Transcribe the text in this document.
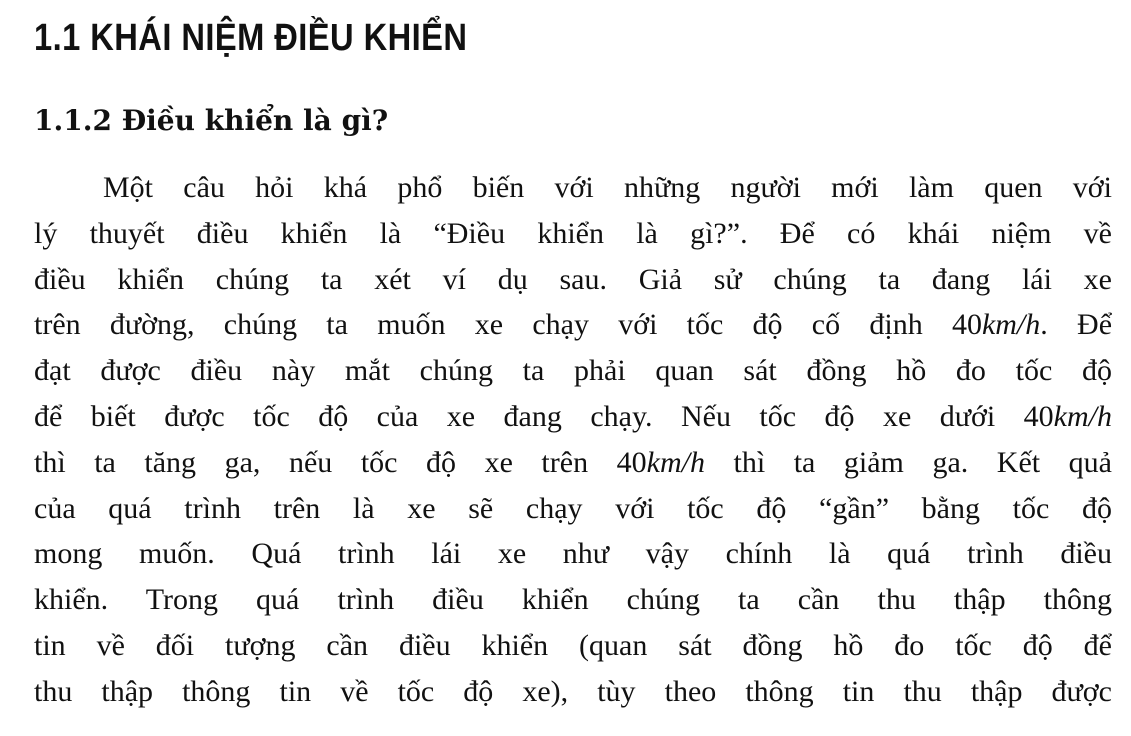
1.1 KHÁI NIỆM ĐIỀU KHIỂN
1.1.2 Điều khiển là gì?
Một câu hỏi khá phổ biến với những người mới làm quen với
lý thuyết điều khiển là “Điều khiển là gì?”. Để có khái niệm về
điều khiển chúng ta xét ví dụ sau. Giả sử chúng ta đang lái xe
trên đường, chúng ta muốn xe chạy với tốc độ cố định 40km/h. Để
đạt được điều này mắt chúng ta phải quan sát đồng hồ đo tốc độ
để biết được tốc độ của xe đang chạy. Nếu tốc độ xe dưới 40km/h
thì ta tăng ga, nếu tốc độ xe trên 40km/h thì ta giảm ga. Kết quả
của quá trình trên là xe sẽ chạy với tốc độ “gần” bằng tốc độ
mong muốn. Quá trình lái xe như vậy chính là quá trình điều
khiển. Trong quá trình điều khiển chúng ta cần thu thập thông
tin về đối tượng cần điều khiển (quan sát đồng hồ đo tốc độ để
thu thập thông tin về tốc độ xe), tùy theo thông tin thu thập được
